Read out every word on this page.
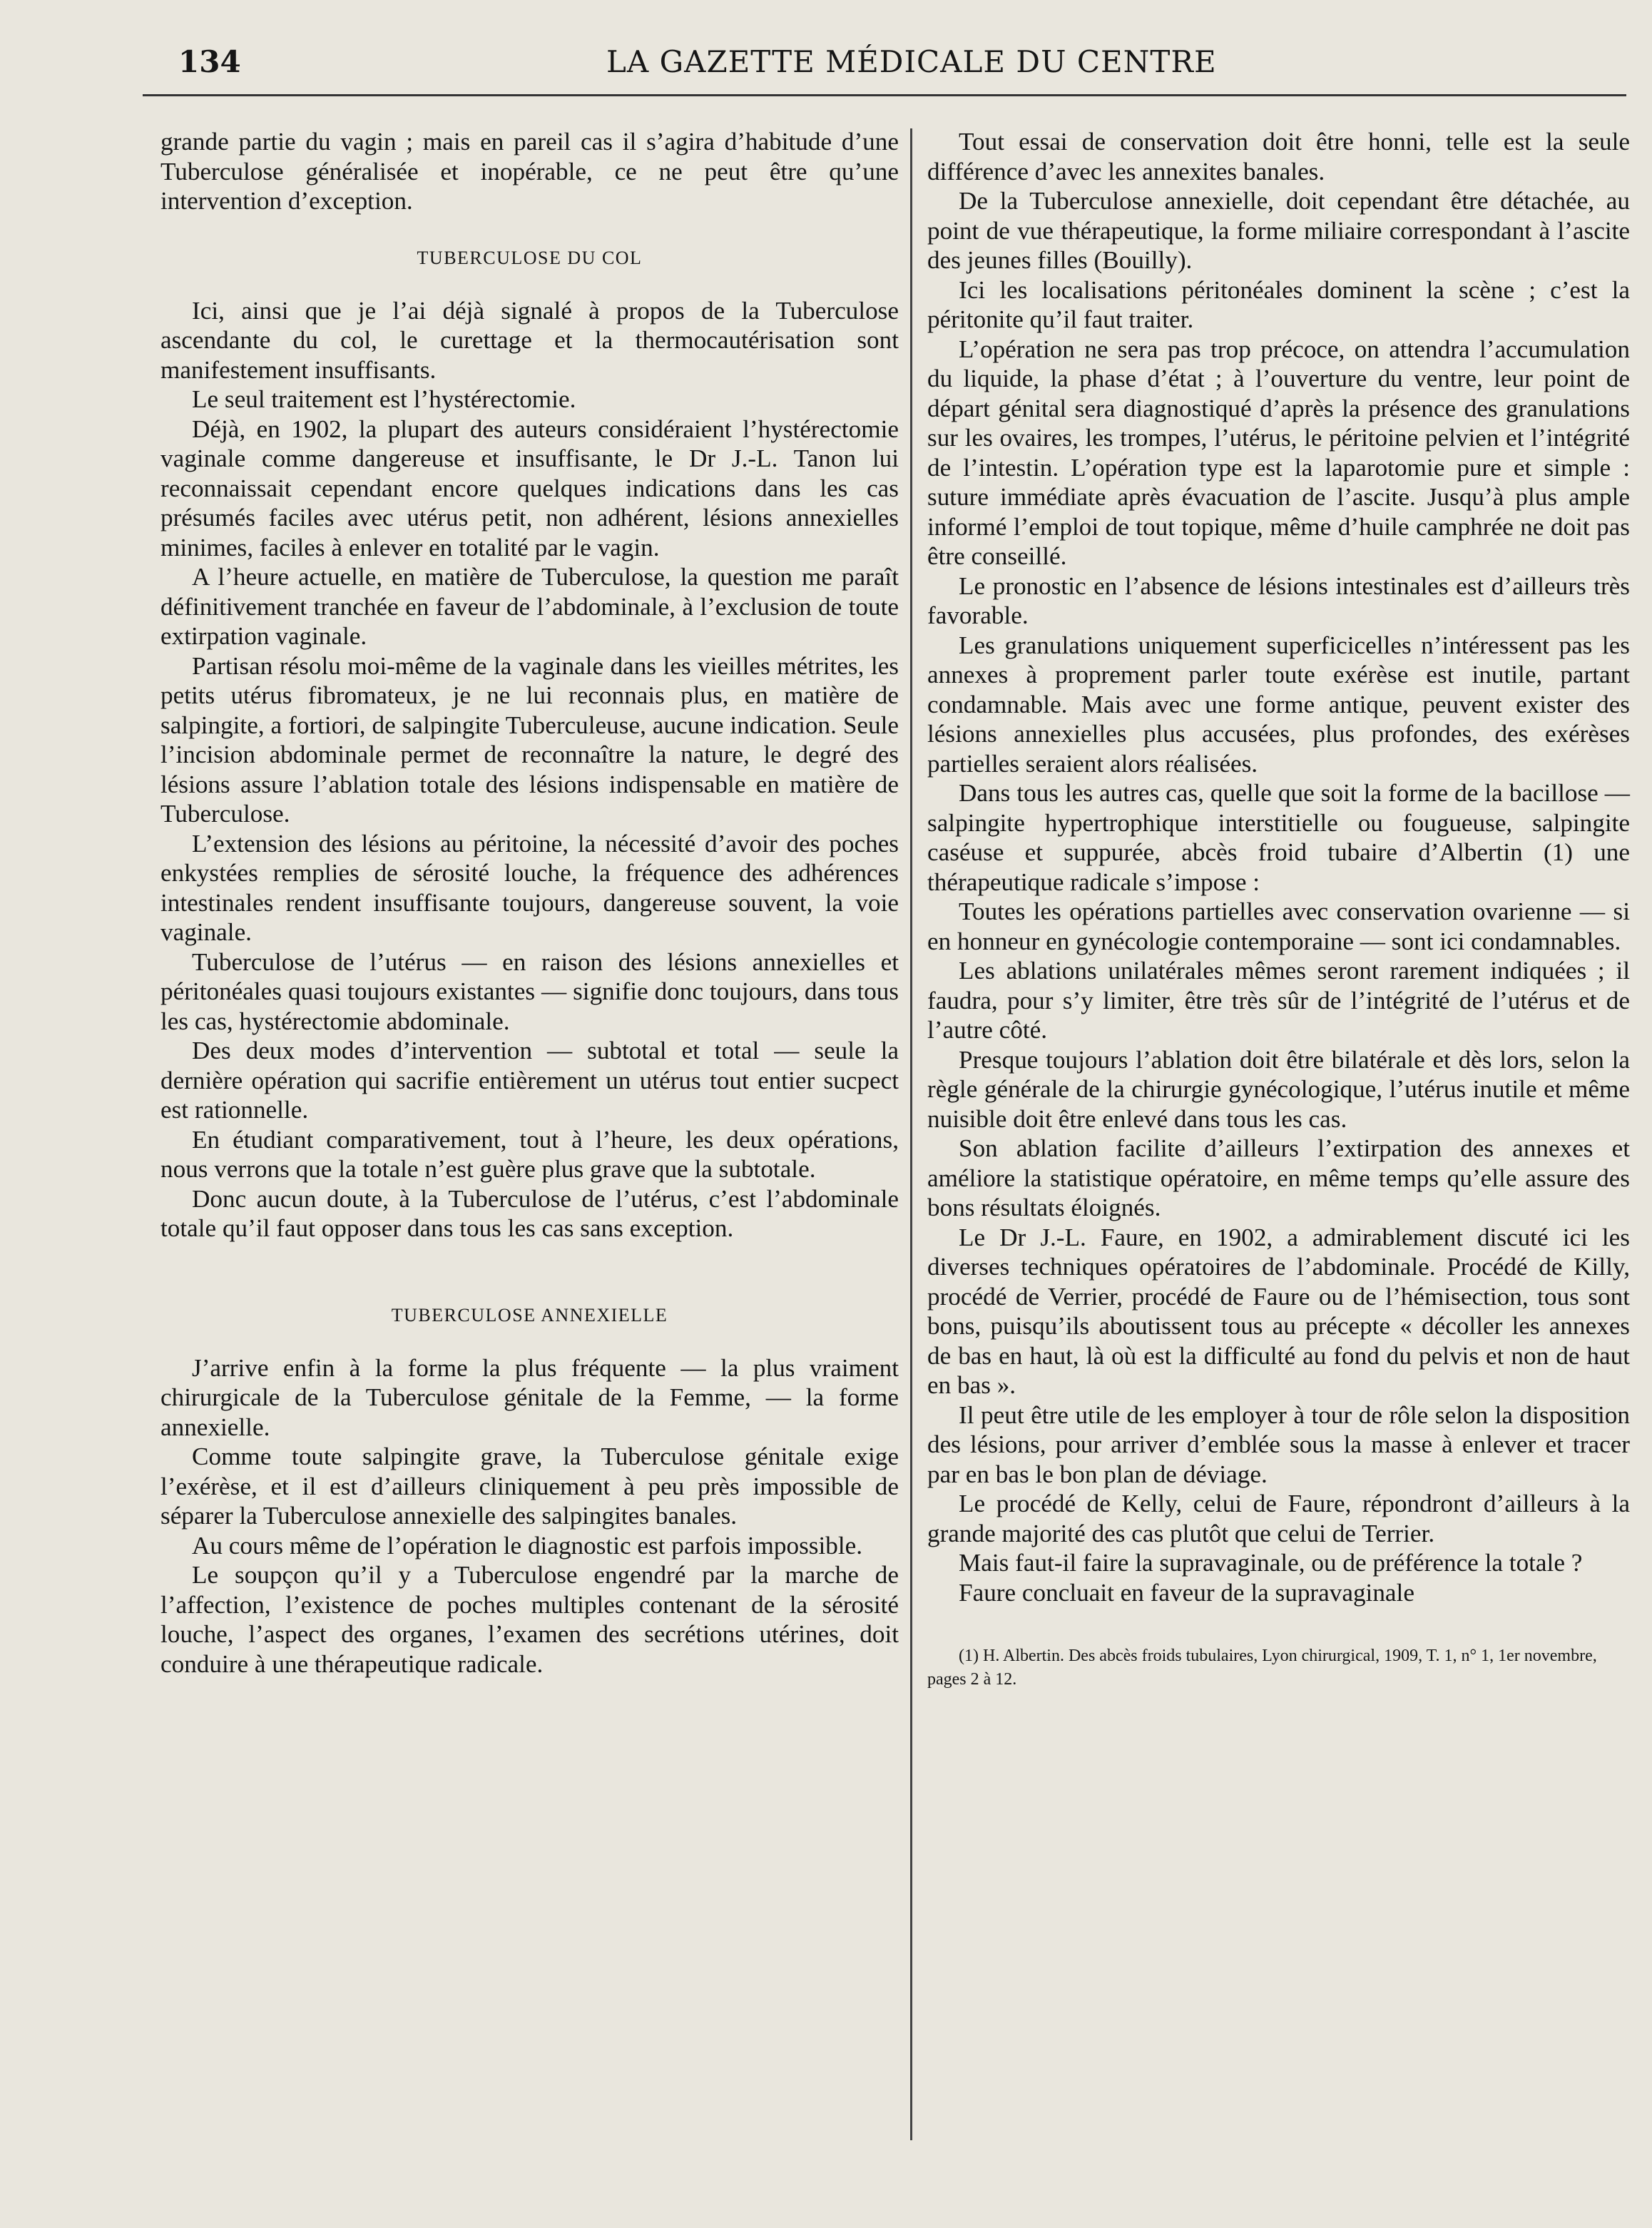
134	LA GAZETTE MÉDICALE DU CENTRE

grande partie du vagin ; mais en pareil cas il s’agira d’habitude d’une Tuberculose généralisée et inopérable, ce ne peut être qu’une intervention d’exception.

TUBERCULOSE DU COL

Ici, ainsi que je l’ai déjà signalé à propos de la Tuberculose ascendante du col, le curettage et la thermocautérisation sont manifestement insuffisants.

Le seul traitement est l’hystérectomie.

Déjà, en 1902, la plupart des auteurs considéraient l’hystérectomie vaginale comme dangereuse et insuffisante, le Dr J.-L. Tanon lui reconnaissait cependant encore quelques indications dans les cas présumés faciles avec utérus petit, non adhérent, lésions annexielles minimes, faciles à enlever en totalité par le vagin.

A l’heure actuelle, en matière de Tuberculose, la question me paraît définitivement tranchée en faveur de l’abdominale, à l’exclusion de toute extirpation vaginale.

Partisan résolu moi-même de la vaginale dans les vieilles métrites, les petits utérus fibromateux, je ne lui reconnais plus, en matière de salpingite, a fortiori, de salpingite Tuberculeuse, aucune indication. Seule l’incision abdominale permet de reconnaître la nature, le degré des lésions assure l’ablation totale des lésions indispensable en matière de Tuberculose.

L’extension des lésions au péritoine, la nécessité d’avoir des poches enkystées remplies de sérosité louche, la fréquence des adhérences intestinales rendent insuffisante toujours, dangereuse souvent, la voie vaginale.

Tuberculose de l’utérus — en raison des lésions annexielles et péritonéales quasi toujours existantes — signifie donc toujours, dans tous les cas, hystérectomie abdominale.

Des deux modes d’intervention — subtotal et total — seule la dernière opération qui sacrifie entièrement un utérus tout entier sucpect est rationnelle.

En étudiant comparativement, tout à l’heure, les deux opérations, nous verrons que la totale n’est guère plus grave que la subtotale.

Donc aucun doute, à la Tuberculose de l’utérus, c’est l’abdominale totale qu’il faut opposer dans tous les cas sans exception.

TUBERCULOSE ANNEXIELLE

J’arrive enfin à la forme la plus fréquente — la plus vraiment chirurgicale de la Tuberculose génitale de la Femme, — la forme annexielle.

Comme toute salpingite grave, la Tuberculose génitale exige l’exérèse, et il est d’ailleurs cliniquement à peu près impossible de séparer la Tuberculose annexielle des salpingites banales.

Au cours même de l’opération le diagnostic est parfois impossible.

Le soupçon qu’il y a Tuberculose engendré par la marche de l’affection, l’existence de poches multiples contenant de la sérosité louche, l’aspect des organes, l’examen des secrétions utérines, doit conduire à une thérapeutique radicale.

Tout essai de conservation doit être honni, telle est la seule différence d’avec les annexites banales.

De la Tuberculose annexielle, doit cependant être détachée, au point de vue thérapeutique, la forme miliaire correspondant à l’ascite des jeunes filles (Bouilly).

Ici les localisations péritonéales dominent la scène ; c’est la péritonite qu’il faut traiter.

L’opération ne sera pas trop précoce, on attendra l’accumulation du liquide, la phase d’état ; à l’ouverture du ventre, leur point de départ génital sera diagnostiqué d’après la présence des granulations sur les ovaires, les trompes, l’utérus, le péritoine pelvien et l’intégrité de l’intestin. L’opération type est la laparotomie pure et simple : suture immédiate après évacuation de l’ascite. Jusqu’à plus ample informé l’emploi de tout topique, même d’huile camphrée ne doit pas être conseillé.

Le pronostic en l’absence de lésions intestinales est d’ailleurs très favorable.

Les granulations uniquement superficicelles n’intéressent pas les annexes à proprement parler toute exérèse est inutile, partant condamnable. Mais avec une forme antique, peuvent exister des lésions annexielles plus accusées, plus profondes, des exérèses partielles seraient alors réalisées.

Dans tous les autres cas, quelle que soit la forme de la bacillose — salpingite hypertrophique interstitielle ou fougueuse, salpingite caséuse et suppurée, abcès froid tubaire d’Albertin (1) une thérapeutique radicale s’impose :

Toutes les opérations partielles avec conservation ovarienne — si en honneur en gynécologie contemporaine — sont ici condamnables.

Les ablations unilatérales mêmes seront rarement indiquées ; il faudra, pour s’y limiter, être très sûr de l’intégrité de l’utérus et de l’autre côté.

Presque toujours l’ablation doit être bilatérale et dès lors, selon la règle générale de la chirurgie gynécologique, l’utérus inutile et même nuisible doit être enlevé dans tous les cas.

Son ablation facilite d’ailleurs l’extirpation des annexes et améliore la statistique opératoire, en même temps qu’elle assure des bons résultats éloignés.

Le Dr J.-L. Faure, en 1902, a admirablement discuté ici les diverses techniques opératoires de l’abdominale. Procédé de Killy, procédé de Verrier, procédé de Faure ou de l’hémisection, tous sont bons, puisqu’ils aboutissent tous au précepte « décoller les annexes de bas en haut, là où est la difficulté au fond du pelvis et non de haut en bas ».

Il peut être utile de les employer à tour de rôle selon la disposition des lésions, pour arriver d’emblée sous la masse à enlever et tracer par en bas le bon plan de déviage.

Le procédé de Kelly, celui de Faure, répondront d’ailleurs à la grande majorité des cas plutôt que celui de Terrier.

Mais faut-il faire la supravaginale, ou de préférence la totale ?

Faure concluait en faveur de la supravaginale

(1) H. Albertin. Des abcès froids tubulaires, Lyon chirurgical, 1909, T. 1, n° 1, 1er novembre, pages 2 à 12.
